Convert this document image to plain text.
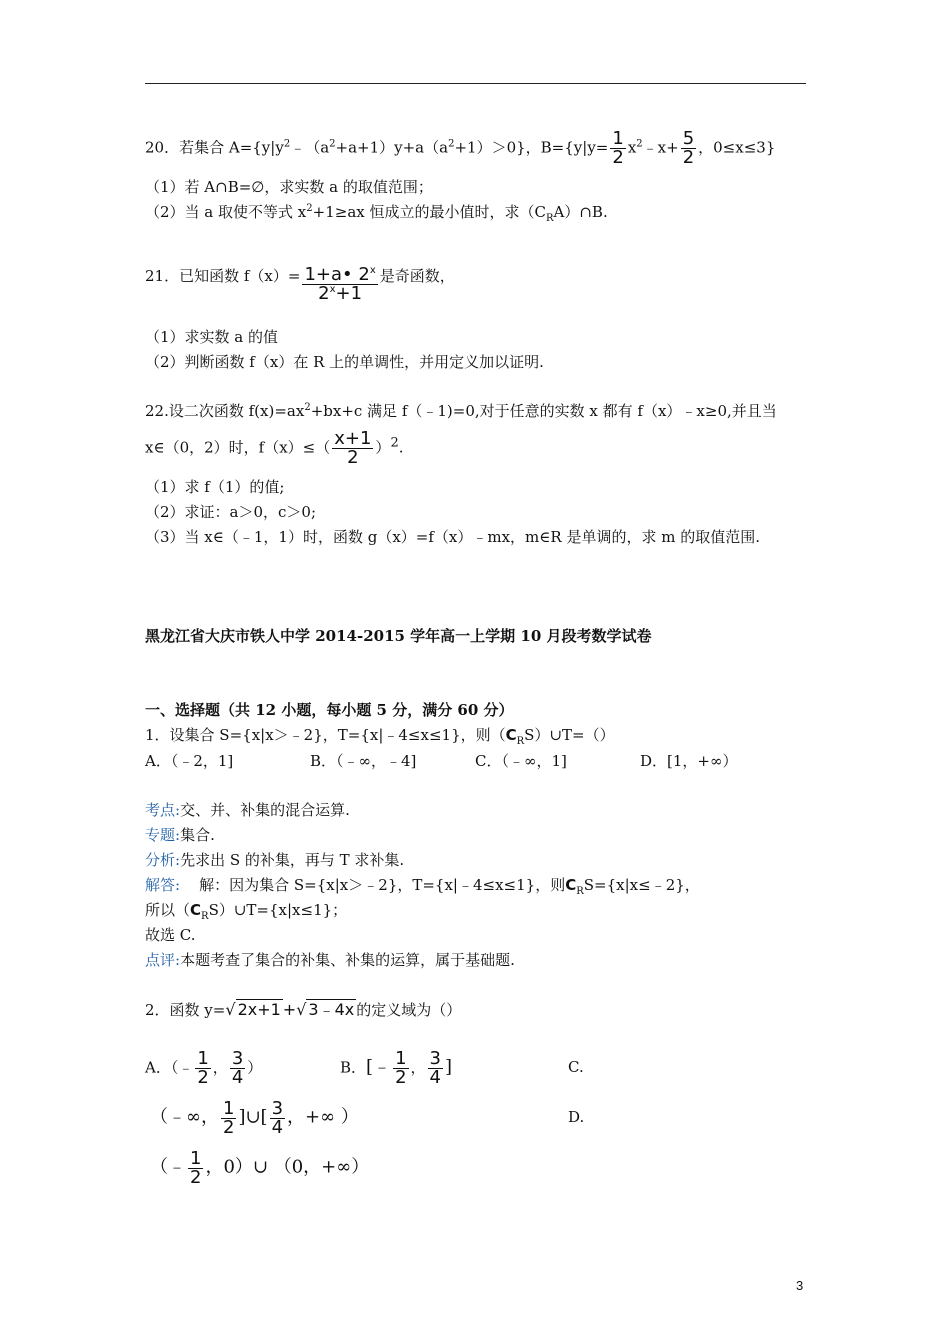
20．若集合 $A=\{y|y^2﹣(a^2+a+1)y+a(a^2+1)>0\}$，$B=\{y|y= \frac{1}{2}$ $x^2﹣x+ \frac{5}{2}$ ，0≤x≤3}
（1）若 A∩B=∅，求实数 a 的取值范围；
（2）当 a 取使不等式 $x^2+1\ge ax$ 恒成立的最小值时，求$(C_RA)\cap B$.
21．已知函数 $f(x)= \frac{1+a• 2^x}{2^x+1}$ 是奇函数，
（1）求实数 a 的值
（2）判断函数 f（x）在 R 上的单调性，并用定义加以证明.
22.设二次函数 $f(x)=ax^2+bx+c$ 满足 f（﹣1)=0,对于任意的实数 x 都有 f（x）﹣x≥0,并且当
x∈（0，2）时，$f(x)\le( \frac{x+1}{2} )^2$.
（1）求 f（1）的值;
（2）求证：a＞0，c＞0;
（3）当 x∈（﹣1，1）时，函数 g（x）=f（x）﹣mx，m∈R 是单调的，求 m 的取值范围.
黑龙江省大庆市铁人中学 2014-2015 学年高一上学期 10 月段考数学试卷
一、选择题（共 12 小题，每小题 5 分，满分 60 分）
1．设集合 S={x|x＞﹣2}，T={x|﹣4≤x≤1}，则$(C_RS)\cup T=()$
A．（﹣2，1]	B．（﹣∞，﹣4]	C．（﹣∞，1]	D．[1，+∞）
考点:交、并、补集的混合运算.
专题:集合.
分析:先求出 S 的补集，再与 T 求补集.
解答: 解：因为集合 S={x|x＞﹣2}，T={x|﹣4≤x≤1}，则$C_RS=\{x|x\le﹣2\}$，
所以$(C_RS)\cup T=\{x|x\le 1\}$；
故选 C.
点评:本题考查了集合的补集、补集的运算，属于基础题.
2．函数 y=√ 2x+1 +√ 3﹣4x 的定义域为（）
A．（﹣ $\frac{1}{2}$ ， $\frac{3}{4}$ ）	B．[﹣ $\frac{1}{2}$ ， $\frac{3}{4}$ ]	C.
（﹣∞， $\frac{1}{2}$ ]∪[ $\frac{3}{4}$ ，+∞ ）	D.
（﹣ $\frac{1}{2}$ ，0）∪ （0，+∞）
3
